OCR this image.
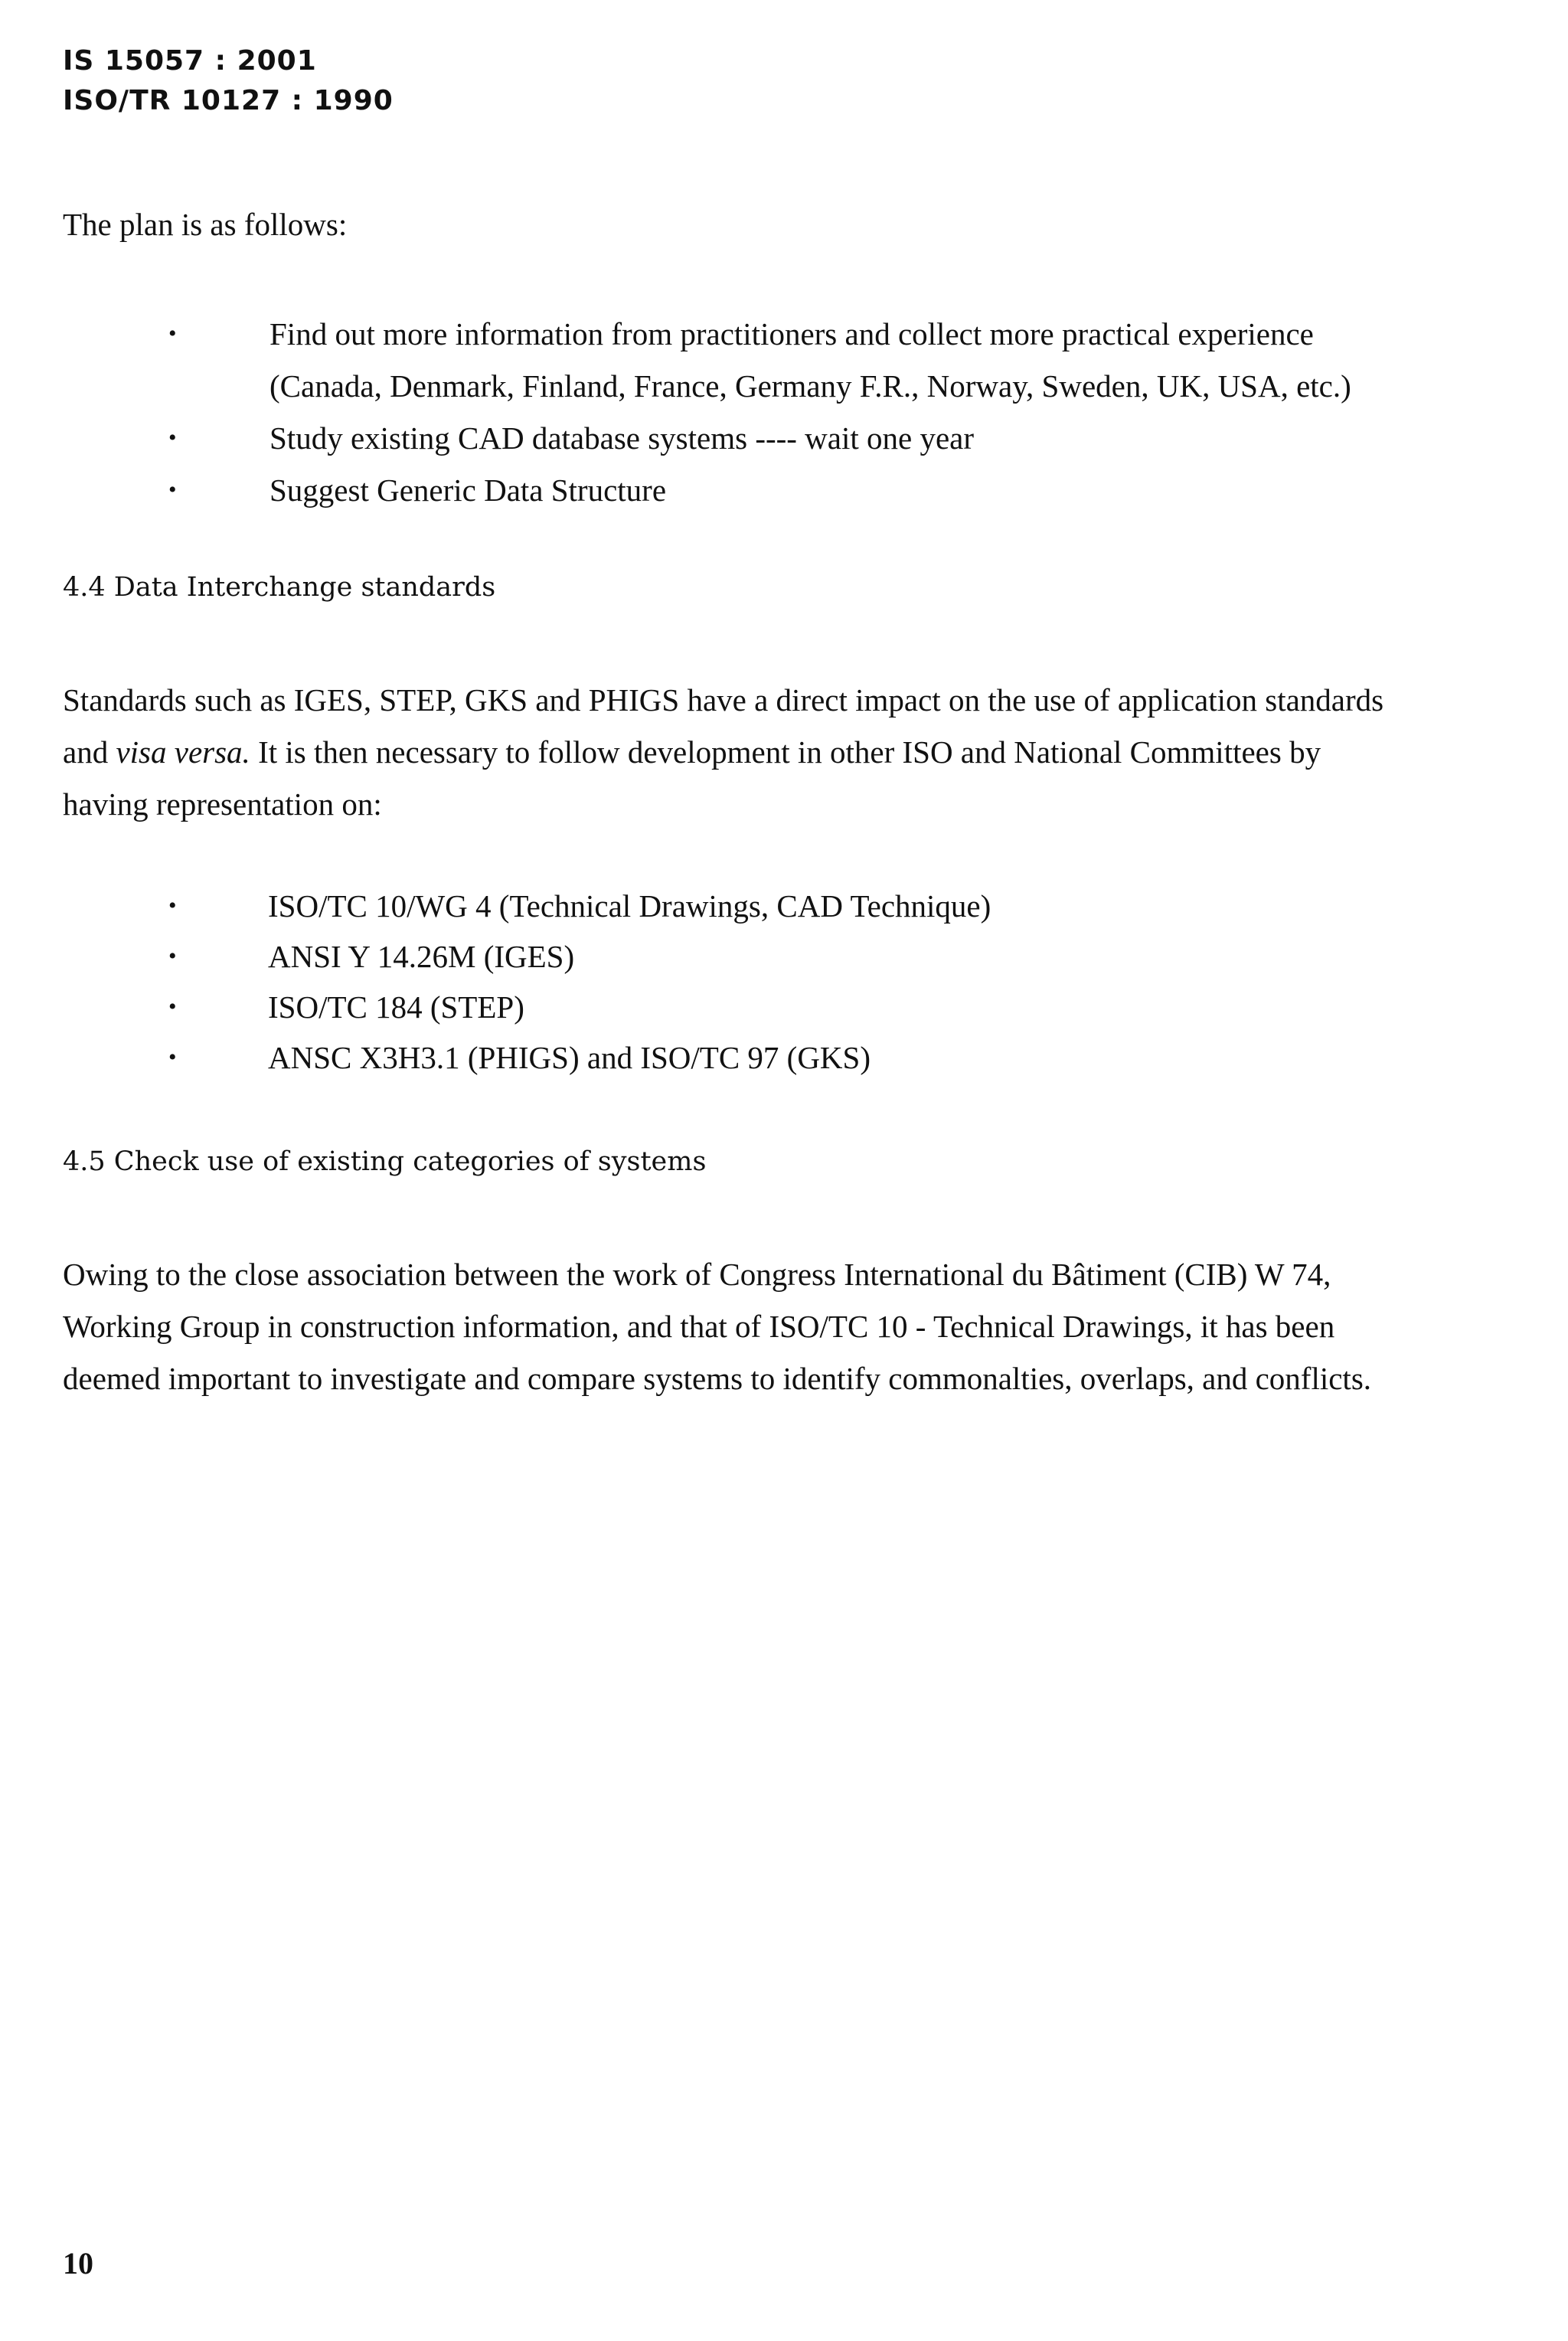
IS 15057 : 2001
ISO/TR 10127 : 1990
The plan is as follows:
•	Find out more information from practitioners and collect more practical experience
(Canada, Denmark, Finland, France, Germany F.R., Norway, Sweden, UK, USA, etc.)
•	Study existing CAD database systems ---- wait one year
•	Suggest Generic Data Structure
4.4 Data Interchange standards
Standards such as IGES, STEP, GKS and PHIGS have a direct impact on the use of application standards
and visa versa. It is then necessary to follow development in other ISO and National Committees by
having representation on:
•	ISO/TC 10/WG 4 (Technical Drawings, CAD Technique)
•	ANSI Y 14.26M (IGES)
•	ISO/TC 184 (STEP)
•	ANSC X3H3.1 (PHIGS) and ISO/TC 97 (GKS)
4.5 Check use of existing categories of systems
Owing to the close association between the work of Congress International du Bâtiment (CIB) W 74,
Working Group in construction information, and that of ISO/TC 10 - Technical Drawings, it has been
deemed important to investigate and compare systems to identify commonalties, overlaps, and conflicts.
10
